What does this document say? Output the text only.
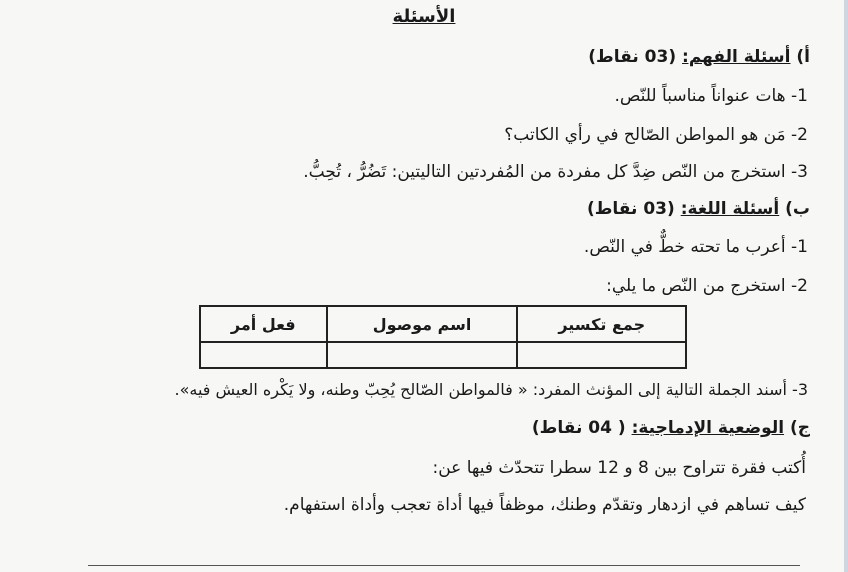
الأسئلة
أ) أسئلة الفهم: (03 نقاط)
1- هات عنواناً مناسباً للنّص.
2- مَن هو المواطن الصّالح في رأي الكاتب؟
3- استخرج من النّص ضِدَّ كل مفردة من المُفردتين التاليتين: تَضُرُّ ، تُحِبُّ.
ب) أسئلة اللغة: (03 نقاط)
1- أعرب ما تحته خطٌّ في النّص.
2- استخرج من النّص ما يلي:
جمع تكسير	اسم موصول	فعل أمر

3- أسند الجملة التالية إلى المؤنث المفرد: « فالمواطن الصّالح يُحِبّ وطنه، ولا يَكْره العيش فيه».
ج) الوضعية الإدماجية: ( 04 نقاط)
أُكتب فقرة تتراوح بين 8 و 12 سطرا تتحدّث فيها عن:
كيف تساهم في ازدهار وتقدّم وطنك، موظفاً فيها أداة تعجب وأداة استفهام.
